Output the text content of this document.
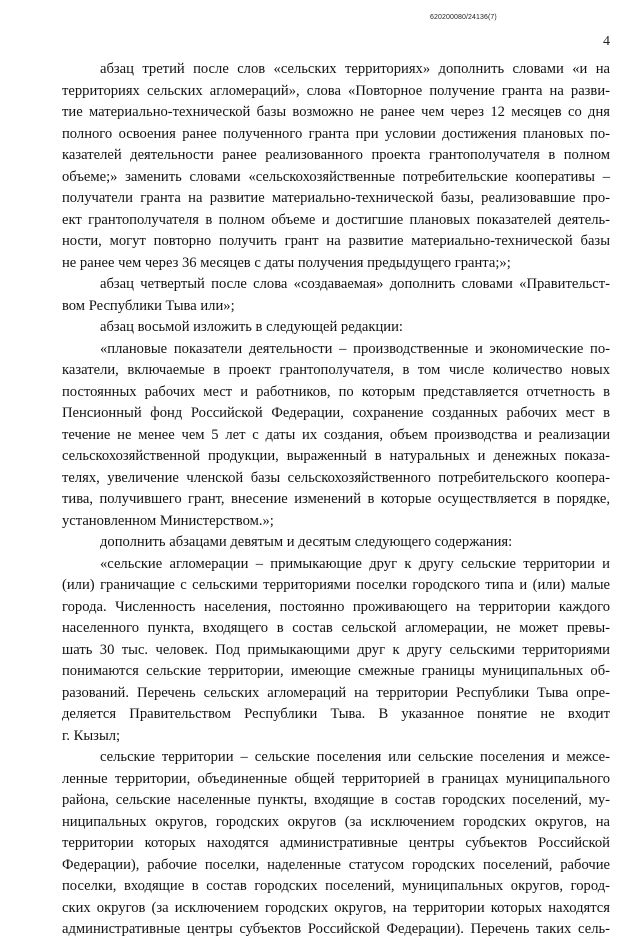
620200080/24136(7)
4
абзац третий после слов «сельских территориях» дополнить словами «и на
территориях сельских агломераций», слова «Повторное получение гранта на разви-
тие материально-технической базы возможно не ранее чем через 12 месяцев со дня
полного освоения ранее полученного гранта при условии достижения плановых по-
казателей деятельности ранее реализованного проекта грантополучателя в полном
объеме;» заменить словами «сельскохозяйственные потребительские кооперативы –
получатели гранта на развитие материально-технической базы, реализовавшие про-
ект грантополучателя в полном объеме и достигшие плановых показателей деятель-
ности, могут повторно получить грант на развитие материально-технической базы
не ранее чем через 36 месяцев с даты получения предыдущего гранта;»;
абзац четвертый после слова «создаваемая» дополнить словами «Правительст-
вом Республики Тыва или»;
абзац восьмой изложить в следующей редакции:
«плановые показатели деятельности – производственные и экономические по-
казатели, включаемые в проект грантополучателя, в том числе количество новых
постоянных рабочих мест и работников, по которым представляется отчетность в
Пенсионный фонд Российской Федерации, сохранение созданных рабочих мест в
течение не менее чем 5 лет с даты их создания, объем производства и реализации
сельскохозяйственной продукции, выраженный в натуральных и денежных показа-
телях, увеличение членской базы сельскохозяйственного потребительского коопера-
тива, получившего грант, внесение изменений в которые осуществляется в порядке,
установленном Министерством.»;
дополнить абзацами девятым и десятым следующего содержания:
«сельские агломерации – примыкающие друг к другу сельские территории и
(или) граничащие с сельскими территориями поселки городского типа и (или) малые
города. Численность населения, постоянно проживающего на территории каждого
населенного пункта, входящего в состав сельской агломерации, не может превы-
шать 30 тыс. человек. Под примыкающими друг к другу сельскими территориями
понимаются сельские территории, имеющие смежные границы муниципальных об-
разований. Перечень сельских агломераций на территории Республики Тыва опре-
деляется Правительством Республики Тыва. В указанное понятие не входит
г. Кызыл;
сельские территории – сельские поселения или сельские поселения и межсе-
ленные территории, объединенные общей территорией в границах муниципального
района, сельские населенные пункты, входящие в состав городских поселений, му-
ниципальных округов, городских округов (за исключением городских округов, на
территории которых находятся административные центры субъектов Российской
Федерации), рабочие поселки, наделенные статусом городских поселений, рабочие
поселки, входящие в состав городских поселений, муниципальных округов, город-
ских округов (за исключением городских округов, на территории которых находятся
административные центры субъектов Российской Федерации). Перечень таких сель-
